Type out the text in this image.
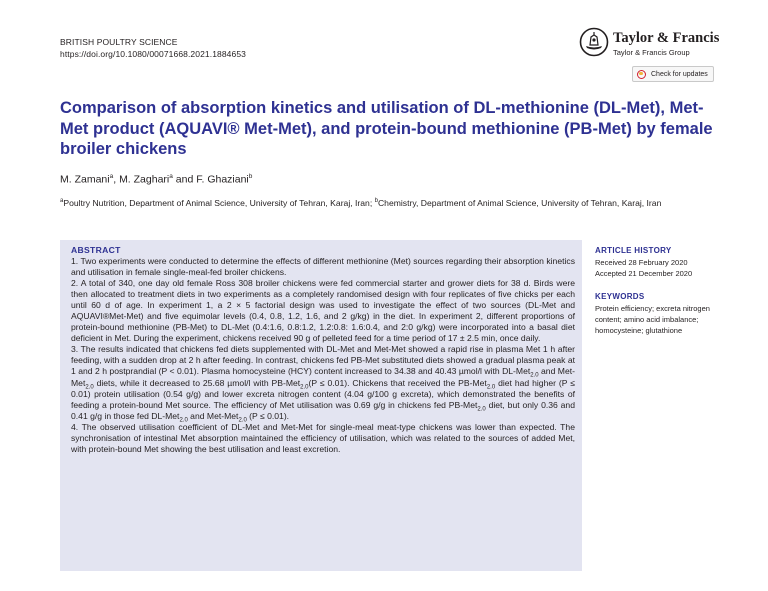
BRITISH POULTRY SCIENCE
https://doi.org/10.1080/00071668.2021.1884653
Taylor & Francis
Taylor & Francis Group
Check for updates
Comparison of absorption kinetics and utilisation of DL-methionine (DL-Met), Met-Met product (AQUAVI® Met-Met), and protein-bound methionine (PB-Met) by female broiler chickens
M. Zamani$^a$, M. Zaghari$^a$ and F. Ghaziani$^b$
$^a$Poultry Nutrition, Department of Animal Science, University of Tehran, Karaj, Iran; $^b$Chemistry, Department of Animal Science, University of Tehran, Karaj, Iran
ABSTRACT

1. Two experiments were conducted to determine the effects of different methionine (Met) sources regarding their absorption kinetics and utilisation in female single-meal-fed broiler chickens.

2. A total of 340, one day old female Ross 308 broiler chickens were fed commercial starter and grower diets for 38 d. Birds were then allocated to treatment diets in two experiments as a completely randomised design with four replicates of five chicks per each until 60 d of age. In experiment 1, a 2 × 5 factorial design was used to investigate the effect of two sources (DL-Met and AQUAVI®Met-Met) and five equimolar levels (0.4, 0.8, 1.2, 1.6, and 2 g/kg) in the diet. In experiment 2, different proportions of protein-bound methionine (PB-Met) to DL-Met (0.4:1.6, 0.8:1.2, 1.2:0.8: 1.6:0.4, and 2:0 g/kg) were incorporated into a basal diet deficient in Met. During the experiment, chickens received 90 g of pelleted feed for a time period of 17 ± 2.5 min, once daily.

3. The results indicated that chickens fed diets supplemented with DL-Met and Met-Met showed a rapid rise in plasma Met 1 h after feeding, with a sudden drop at 2 h after feeding. In contrast, chickens fed PB-Met substituted diets showed a gradual plasma peak at 1 and 2 h postprandial (P < 0.01). Plasma homocysteine (HCY) content increased to 34.38 and 40.43 µmol/l with DL-Met$_{2.0}$ and Met-Met$_{2.0}$ diets, while it decreased to 25.68 µmol/l with PB-Met$_{2.0}$(P ≤ 0.01). Chickens that received the PB-Met$_{2.0}$ diet had higher (P ≤ 0.01) protein utilisation (0.54 g/g) and lower excreta nitrogen content (4.04 g/100 g excreta), which demonstrated the benefits of feeding a protein-bound Met source. The efficiency of Met utilisation was 0.69 g/g in chickens fed PB-Met$_{2.0}$ diet, but only 0.36 and 0.41 g/g in those fed DL-Met$_{2.0}$ and Met-Met$_{2.0}$ (P ≤ 0.01).

4. The observed utilisation coefficient of DL-Met and Met-Met for single-meal meat-type chickens was lower than expected. The synchronisation of intestinal Met absorption maintained the efficiency of utilisation, which was related to the sources of added Met, with protein-bound Met showing the best utilisation and least excretion.

ARTICLE HISTORY
Received 28 February 2020
Accepted 21 December 2020
KEYWORDS
Protein efficiency; excreta nitrogen content; amino acid imbalance; homocysteine; glutathione
